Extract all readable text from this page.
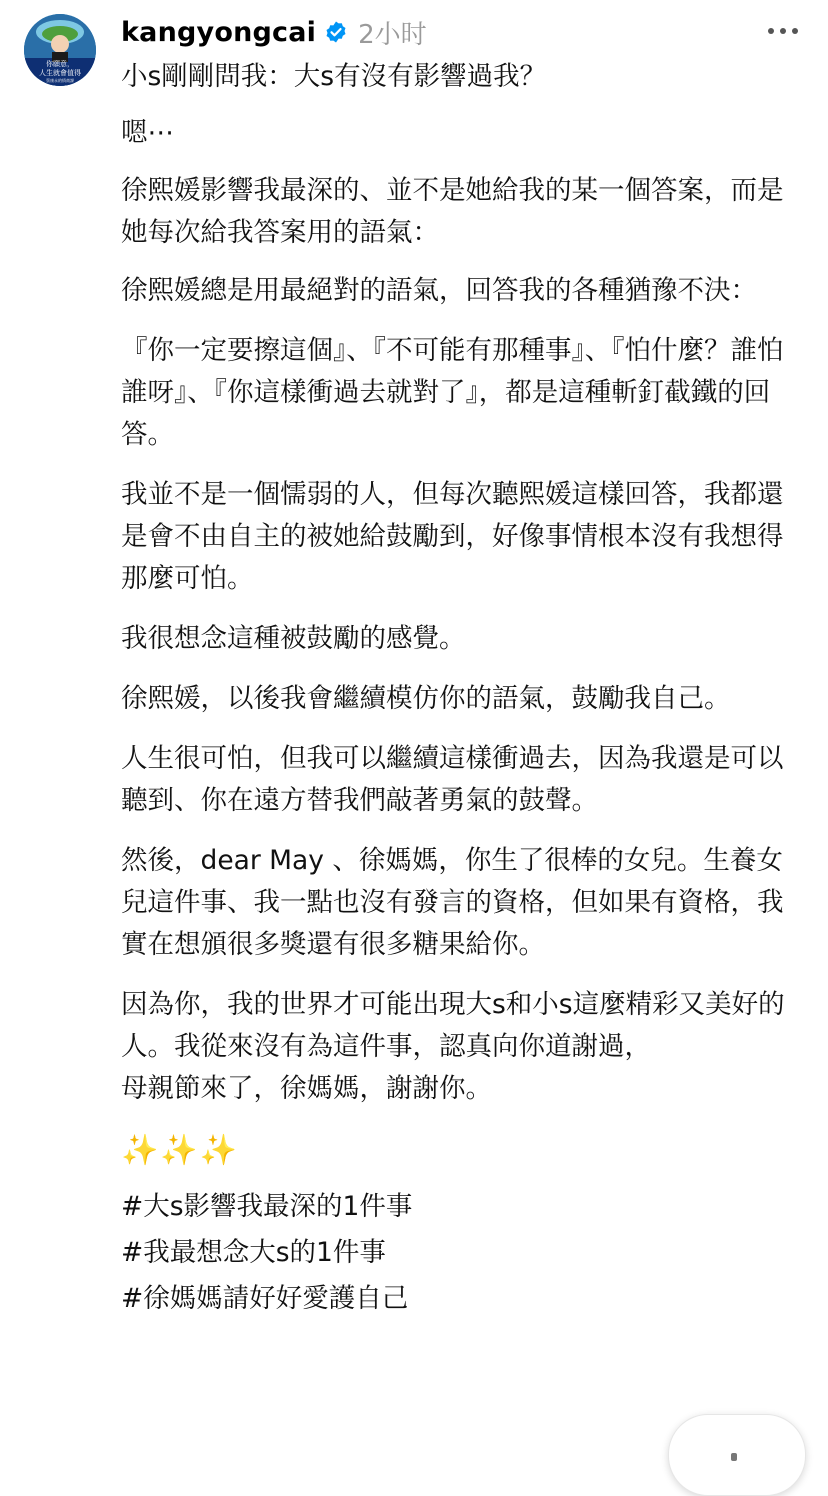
你願意，
人生就會值得
蔡康永的情商課
kangyongcai 2小时

小s剛剛問我：大s有沒有影響過我？

嗯⋯

徐熙媛影響我最深的、並不是她給我的某一個答案，而是她每次給我答案用的語氣：

徐熙媛總是用最絕對的語氣，回答我的各種猶豫不決：

『你一定要擦這個』、『不可能有那種事』、『怕什麼？誰怕誰呀』、『你這樣衝過去就對了』，都是這種斬釘截鐵的回答。

我並不是一個懦弱的人，但每次聽熙媛這樣回答，我都還是會不由自主的被她給鼓勵到，好像事情根本沒有我想得那麼可怕。

我很想念這種被鼓勵的感覺。

徐熙媛，以後我會繼續模仿你的語氣，鼓勵我自己。

人生很可怕，但我可以繼續這樣衝過去，因為我還是可以聽到、你在遠方替我們敲著勇氣的鼓聲。

然後，dear May 、徐媽媽，你生了很棒的女兒。生養女兒這件事、我一點也沒有發言的資格，但如果有資格，我實在想頒很多獎還有很多糖果給你。

因為你，我的世界才可能出現大s和小s這麼精彩又美好的人。我從來沒有為這件事，認真向你道謝過，
母親節來了，徐媽媽，謝謝你。

✨✨✨

#大s影響我最深的1件事
#我最想念大s的1件事
#徐媽媽請好好愛護自己
